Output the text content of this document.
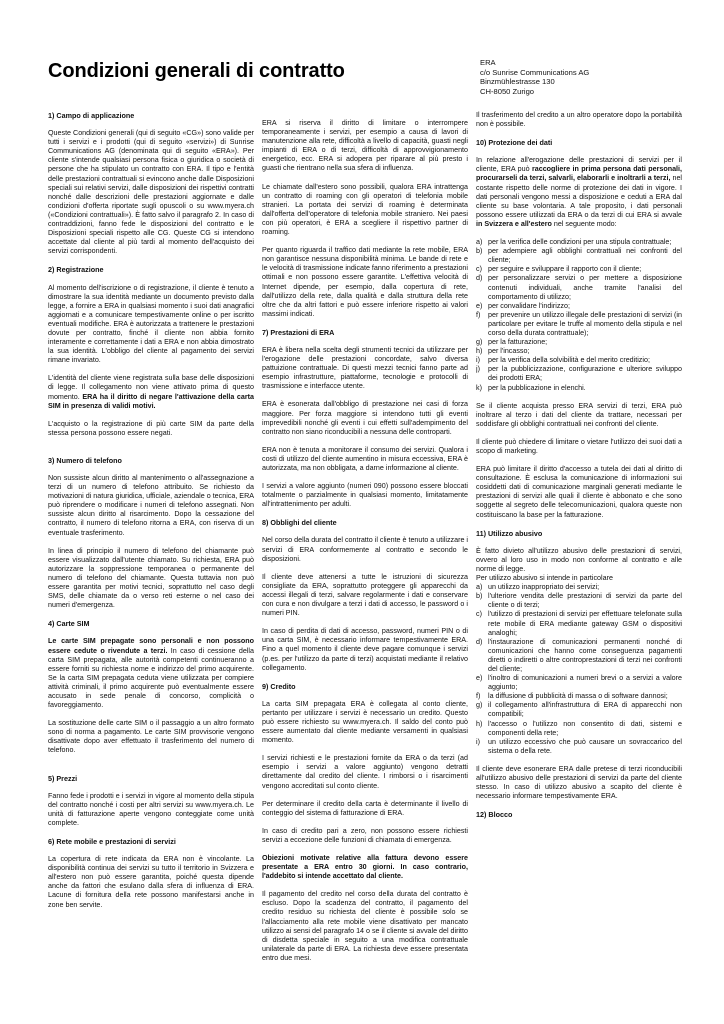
Condizioni generali di contratto	ERA
c/o Sunrise Communications AG
Binzmühlestrasse 130
CH-8050 Zurigo
1) Campo di applicazione

Queste Condizioni generali (qui di seguito «CG») sono valide per tutti i servizi e i prodotti (qui di seguito «servizi») di Sunrise Communications AG (denominata qui di seguito «ERA»). Per cliente s'intende qualsiasi persona fisica o giuridica o società di persone che ha stipulato un contratto con ERA. Il tipo e l'entità delle prestazioni contrattuali si evincono anche dalle Disposizioni speciali sui relativi servizi, dalle disposizioni dei rispettivi contratti nonché dalle descrizioni delle prestazioni aggiornate e dalle condizioni d'offerta riportate sugli opuscoli o su www.myera.ch («Condizioni contrattuali»). È fatto salvo il paragrafo 2. In caso di contraddizioni, fanno fede le disposizioni del contratto e le Disposizioni speciali rispetto alle CG. Queste CG si intendono accettate dal cliente al più tardi al momento dell'acquisto dei servizi corrispondenti.

2) Registrazione

Al momento dell'iscrizione o di registrazione, il cliente è tenuto a dimostrare la sua identità mediante un documento previsto dalla legge, a fornire a ERA in qualsiasi momento i suoi dati anagrafici aggiornati e a comunicare tempestivamente online o per iscritto eventuali modifiche. ERA è autorizzata a trattenere le prestazioni dovute per contratto, finché il cliente non abbia fornito interamente e correttamente i dati a ERA e non abbia dimostrato la sua identità. L'obbligo del cliente al pagamento dei servizi rimane invariato.

L'identità del cliente viene registrata sulla base delle disposizioni di legge. Il collegamento non viene attivato prima di questo momento. ERA ha il diritto di negare l'attivazione della carta SIM in presenza di validi motivi.

L'acquisto o la registrazione di più carte SIM da parte della stessa persona possono essere negati.

3) Numero di telefono

Non sussiste alcun diritto al mantenimento o all'assegnazione a terzi di un numero di telefono attribuito. Se richiesto da motivazioni di natura giuridica, ufficiale, aziendale o tecnica, ERA può riprendere o modificare i numeri di telefono assegnati. Non sussiste alcun diritto al risarcimento. Dopo la cessazione del contratto, il numero di telefono ritorna a ERA, con riserva di un eventuale trasferimento.

In linea di principio il numero di telefono del chiamante può essere visualizzato dall'utente chiamato. Su richiesta, ERA può autorizzare la soppressione temporanea o permanente del numero di telefono del chiamante. Questa tuttavia non può essere garantita per motivi tecnici, soprattutto nel caso degli SMS, delle chiamate da o verso reti esterne o nel caso dei numeri d'emergenza.

4) Carte SIM

Le carte SIM prepagate sono personali e non possono essere cedute o rivendute a terzi. In caso di cessione della carta SIM prepagata, alle autorità competenti continueranno a essere forniti su richiesta nome e indirizzo del primo acquirente. Se la carta SIM prepagata ceduta viene utilizzata per compiere attività criminali, il primo acquirente può eventualmente essere accusato in sede penale di concorso, complicità o favoreggiamento.

La sostituzione delle carte SIM o il passaggio a un altro formato sono di norma a pagamento. Le carte SIM provvisorie vengono disattivate dopo aver effettuato il trasferimento del numero di telefono.

5) Prezzi

Fanno fede i prodotti e i servizi in vigore al momento della stipula del contratto nonché i costi per altri servizi su www.myera.ch. Le unità di fatturazione aperte vengono conteggiate come unità complete.

6) Rete mobile e prestazioni di servizi

La copertura di rete indicata da ERA non è vincolante. La disponibilità continua dei servizi su tutto il territorio in Svizzera e all'estero non può essere garantita, poiché questa dipende anche da fattori che esulano dalla sfera di influenza di ERA. Lacune di fornitura della rete possono manifestarsi anche in zone ben servite.

ERA si riserva il diritto di limitare o interrompere temporaneamente i servizi, per esempio a causa di lavori di manutenzione alla rete, difficoltà a livello di capacità, guasti negli impianti di ERA o di terzi, difficoltà di approvvigionamento energetico, ecc. ERA si adopera per riparare al più presto i guasti che rientrano nella sua sfera di influenza.

Le chiamate dall'estero sono possibili, qualora ERA intrattenga un contratto di roaming con gli operatori di telefonia mobile stranieri. La portata dei servizi di roaming è determinata dall'offerta dell'operatore di telefonia mobile straniero. Nei paesi con più operatori, è ERA a scegliere il rispettivo partner di roaming.

Per quanto riguarda il traffico dati mediante la rete mobile, ERA non garantisce nessuna disponibilità minima. Le bande di rete e le velocità di trasmissione indicate fanno riferimento a prestazioni ottimali e non possono essere garantite. L'effettiva velocità di Internet dipende, per esempio, dalla copertura di rete, dall'utilizzo della rete, dalla qualità e dalla struttura della rete oltre che da altri fattori e può essere inferiore rispetto ai valori massimi indicati.

7) Prestazioni di ERA

ERA è libera nella scelta degli strumenti tecnici da utilizzare per l'erogazione delle prestazioni concordate, salvo diversa pattuizione contrattuale. Di questi mezzi tecnici fanno parte ad esempio infrastrutture, piattaforme, tecnologie e protocolli di trasmissione e interfacce utente.

ERA è esonerata dall'obbligo di prestazione nei casi di forza maggiore. Per forza maggiore si intendono tutti gli eventi imprevedibili nonché gli eventi i cui effetti sull'adempimento del contratto non siano riconducibili a nessuna delle controparti.

ERA non è tenuta a monitorare il consumo dei servizi. Qualora i costi di utilizzo del cliente aumentino in misura eccessiva, ERA è autorizzata, ma non obbligata, a darne informazione al cliente.

I servizi a valore aggiunto (numeri 090) possono essere bloccati totalmente o parzialmente in qualsiasi momento, limitatamente all'intrattenimento per adulti.

8) Obblighi del cliente

Nel corso della durata del contratto il cliente è tenuto a utilizzare i servizi di ERA conformemente al contratto e secondo le disposizioni.

Il cliente deve attenersi a tutte le istruzioni di sicurezza consigliate da ERA, soprattutto proteggere gli apparecchi da accessi illegali di terzi, salvare regolarmente i dati e conservare con cura e non divulgare a terzi i dati di accesso, le password o i numeri PIN.

In caso di perdita di dati di accesso, password, numeri PIN o di una carta SIM, è necessario informare tempestivamente ERA. Fino a quel momento il cliente deve pagare comunque i servizi (p.es. per l'utilizzo da parte di terzi) acquistati mediante il relativo collegamento.

9) Credito

La carta SIM prepagata ERA è collegata al conto cliente, pertanto per utilizzare i servizi è necessario un credito. Questo può essere richiesto su www.myera.ch. Il saldo del conto può essere aumentato dal cliente mediante versamenti in qualsiasi momento.

I servizi richiesti e le prestazioni fornite da ERA o da terzi (ad esempio i servizi a valore aggiunto) vengono detratti direttamente dal credito del cliente. I rimborsi o i risarcimenti vengono accreditati sul conto cliente.

Per determinare il credito della carta è determinante il livello di conteggio del sistema di fatturazione di ERA.

In caso di credito pari a zero, non possono essere richiesti servizi a eccezione delle funzioni di chiamata di emergenza.

Obiezioni motivate relative alla fattura devono essere presentate a ERA entro 30 giorni. In caso contrario, l'addebito si intende accettato dal cliente.

Il pagamento del credito nel corso della durata del contratto è escluso. Dopo la scadenza del contratto, il pagamento del credito residuo su richiesta del cliente è possibile solo se l'allacciamento alla rete mobile viene disattivato per mancato utilizzo ai sensi del paragrafo 14 o se il cliente si avvale del diritto di disdetta speciale in seguito a una modifica contrattuale unilaterale da parte di ERA. La richiesta deve essere presentata entro due mesi.

Il trasferimento del credito a un altro operatore dopo la portabilità non è possibile.

10) Protezione dei dati

In relazione all'erogazione delle prestazioni di servizi per il cliente, ERA può raccogliere in prima persona dati personali, procurarseli da terzi, salvarli, elaborarli e inoltrarli a terzi, nel costante rispetto delle norme di protezione dei dati in vigore. I dati personali vengono messi a disposizione e ceduti a ERA dal cliente su base volontaria. A tale proposito, i dati personali possono essere utilizzati da ERA o da terzi di cui ERA si avvale in Svizzera e all'estero nel seguente modo:

a) per la verifica delle condizioni per una stipula contrattuale;
b) per adempiere agli obblighi contrattuali nei confronti del cliente;
c) per seguire e sviluppare il rapporto con il cliente;
d) per personalizzare servizi o per mettere a disposizione contenuti individuali, anche tramite l'analisi del comportamento di utilizzo;
e) per convalidare l'indirizzo;
f)	per prevenire un utilizzo illegale delle prestazioni di servizi (in particolare per evitare le truffe al momento della stipula e nel corso della durata contrattuale);
g) per la fatturazione;
h) per l'incasso;
i)	per la verifica della solvibilità e del merito creditizio;
j)	per la pubblicizzazione, configurazione e ulteriore sviluppo dei prodotti ERA;
k) per la pubblicazione in elenchi.

Se il cliente acquista presso ERA servizi di terzi, ERA può inoltrare al terzo i dati del cliente da trattare, necessari per soddisfare gli obblighi contrattuali nei confronti del cliente.

Il cliente può chiedere di limitare o vietare l'utilizzo dei suoi dati a scopo di marketing.

ERA può limitare il diritto d'accesso a tutela dei dati al diritto di consultazione. È esclusa la comunicazione di informazioni sui cosiddetti dati di comunicazione marginali generati mediante le prestazioni di servizi alle quali il cliente è abbonato e che sono soggette al segreto delle telecomunicazioni, qualora queste non costituiscano la base per la fatturazione.

11) Utilizzo abusivo

È fatto divieto all'utilizzo abusivo delle prestazioni di servizi, ovvero al loro uso in modo non conforme al contratto e alle norme di legge.

Per utilizzo abusivo si intende in particolare

a) un utilizzo inappropriato dei servizi;
b) l'ulteriore vendita delle prestazioni di servizi da parte del cliente o di terzi;
c) l'utilizzo di prestazioni di servizi per effettuare telefonate sulla rete mobile di ERA mediante gateway GSM o dispositivi analoghi;
d) l'instaurazione di comunicazioni permanenti nonché di comunicazioni che hanno come conseguenza pagamenti diretti o indiretti o altre controprestazioni di terzi nei confronti del cliente;
e) l'inoltro di comunicazioni a numeri brevi o a servizi a valore aggiunto;
f)	la diffusione di pubblicità di massa o di software dannosi;
g) il collegamento all'infrastruttura di ERA di apparecchi non compatibili;
h) l'accesso o l'utilizzo non consentito di dati, sistemi e componenti della rete;
i)	un utilizzo eccessivo che può causare un sovraccarico del sistema o della rete.

Il cliente deve esonerare ERA dalle pretese di terzi riconducibili all'utilizzo abusivo delle prestazioni di servizi da parte del cliente stesso. In caso di utilizzo abusivo a scapito del cliente è necessario informare tempestivamente ERA.

12) Blocco
